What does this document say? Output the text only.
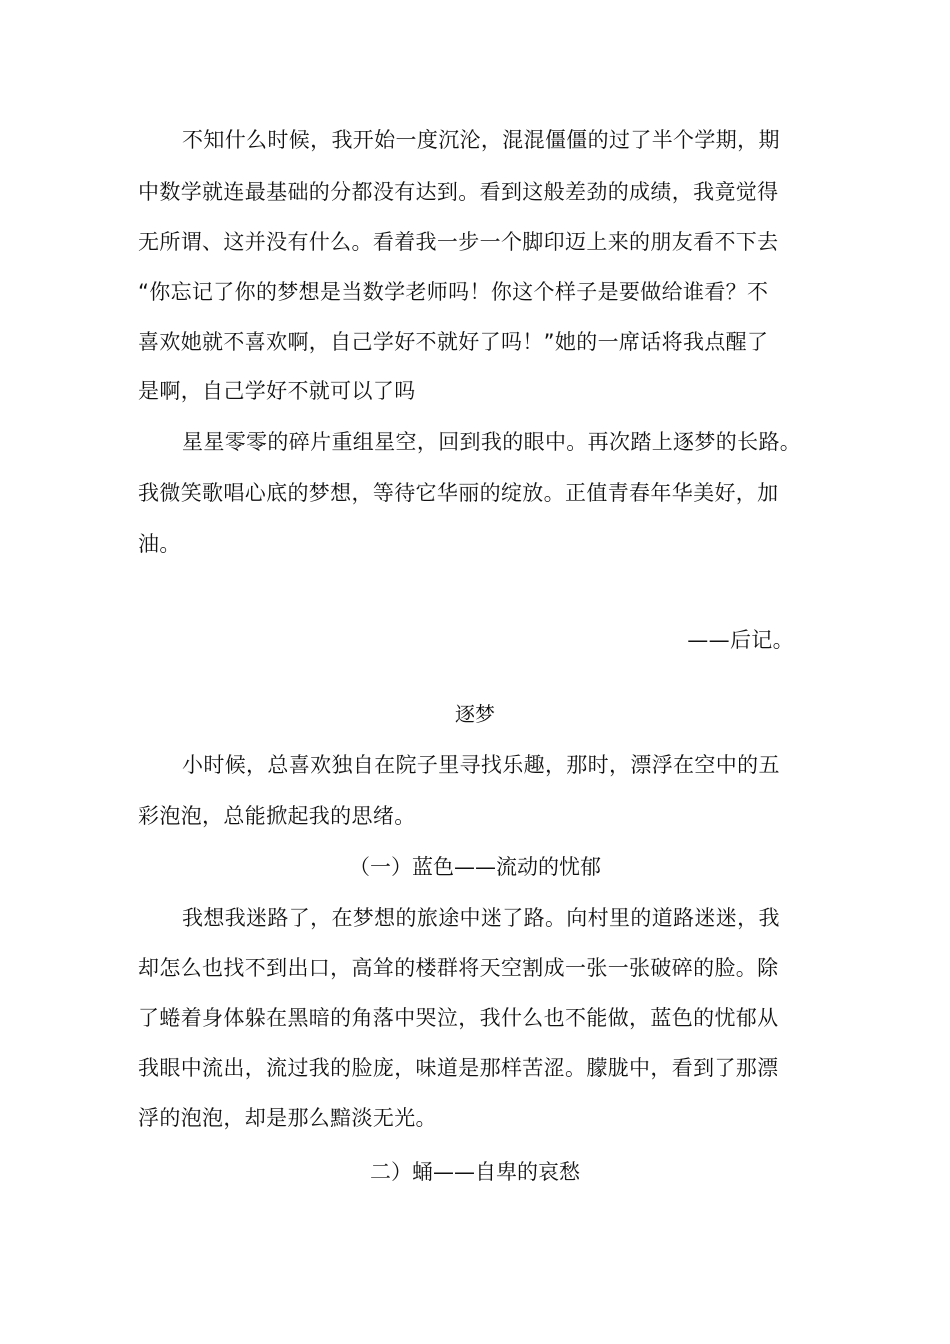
不知什么时候，我开始一度沉沦，混混僵僵的过了半个学期，期
中数学就连最基础的分都没有达到。看到这般差劲的成绩，我竟觉得
无所谓、这并没有什么。看着我一步一个脚印迈上来的朋友看不下去
“你忘记了你的梦想是当数学老师吗！你这个样子是要做给谁看？不
喜欢她就不喜欢啊，自己学好不就好了吗！”她的一席话将我点醒了
是啊，自己学好不就可以了吗
星星零零的碎片重组星空，回到我的眼中。再次踏上逐梦的长路。
我微笑歌唱心底的梦想，等待它华丽的绽放。正值青春年华美好，加
油。
——后记。
逐梦
小时候，总喜欢独自在院子里寻找乐趣，那时，漂浮在空中的五
彩泡泡，总能掀起我的思绪。
（一）蓝色——流动的忧郁
我想我迷路了，在梦想的旅途中迷了路。向村里的道路迷迷，我
却怎么也找不到出口，高耸的楼群将天空割成一张一张破碎的脸。除
了蜷着身体躲在黑暗的角落中哭泣，我什么也不能做，蓝色的忧郁从
我眼中流出，流过我的脸庞，味道是那样苦涩。朦胧中，看到了那漂
浮的泡泡，却是那么黯淡无光。
二）蛹——自卑的哀愁
